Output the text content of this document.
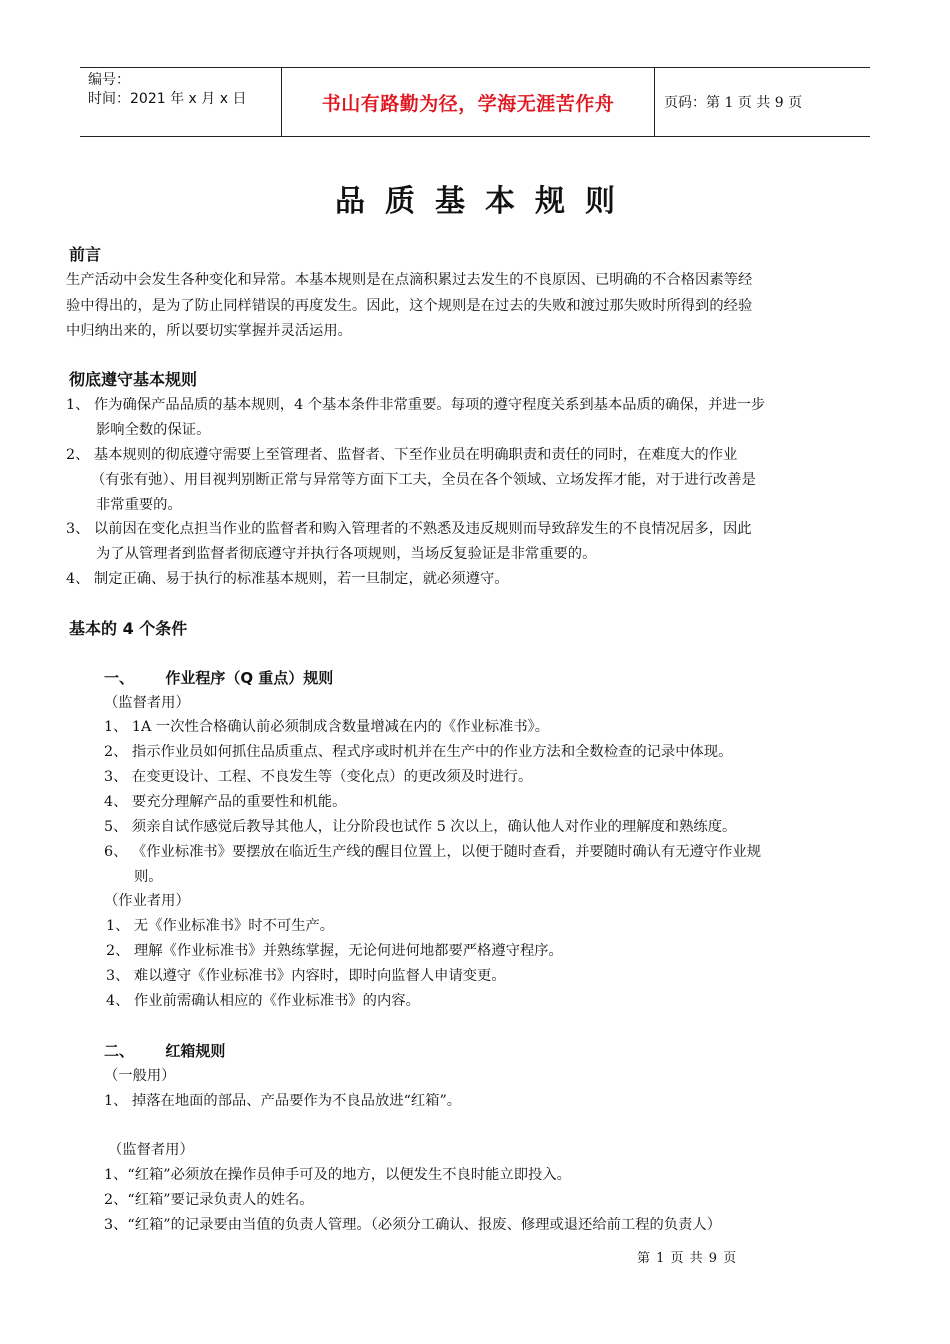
编号：
时间：2021 年 x 月 x 日	书山有路勤为径，学海无涯苦作舟	页码：第 1 页 共 9 页
品质基本规则
前言
生产活动中会发生各种变化和异常。本基本规则是在点滴积累过去发生的不良原因、已明确的不合格因素等经
验中得出的，是为了防止同样错误的再度发生。因此，这个规则是在过去的失败和渡过那失败时所得到的经验
中归纳出来的，所以要切实掌握并灵活运用。
彻底遵守基本规则
1、 作为确保产品品质的基本规则，4 个基本条件非常重要。每项的遵守程度关系到基本品质的确保，并进一步
影响全数的保证。
2、 基本规则的彻底遵守需要上至管理者、监督者、下至作业员在明确职责和责任的同时，在难度大的作业
（有张有弛）、用目视判别断正常与异常等方面下工夫，全员在各个领域、立场发挥才能，对于进行改善是
非常重要的。
3、 以前因在变化点担当作业的监督者和购入管理者的不熟悉及违反规则而导致辞发生的不良情况居多，因此
为了从管理者到监督者彻底遵守并执行各项规则，当场反复验证是非常重要的。
4、 制定正确、易于执行的标准基本规则，若一旦制定，就必须遵守。
基本的 4 个条件
一、      作业程序（Q 重点）规则
（监督者用）
1、 1A 一次性合格确认前必须制成含数量增减在内的《作业标准书》。
2、 指示作业员如何抓住品质重点、程式序或时机并在生产中的作业方法和全数检查的记录中体现。
3、 在变更设计、工程、不良发生等（变化点）的更改须及时进行。
4、 要充分理解产品的重要性和机能。
5、 须亲自试作感觉后教导其他人，让分阶段也试作 5 次以上，确认他人对作业的理解度和熟练度。
6、 《作业标准书》要摆放在临近生产线的醒目位置上，以便于随时查看，并要随时确认有无遵守作业规
则。
（作业者用）
1、 无《作业标准书》时不可生产。
2、 理解《作业标准书》并熟练掌握，无论何进何地都要严格遵守程序。
3、 难以遵守《作业标准书》内容时，即时向监督人申请变更。
4、 作业前需确认相应的《作业标准书》的内容。
二、      红箱规则
（一般用）
1、 掉落在地面的部品、产品要作为不良品放进“红箱”。
（监督者用）
1、“红箱”必须放在操作员伸手可及的地方，以便发生不良时能立即投入。
2、“红箱”要记录负责人的姓名。
3、“红箱”的记录要由当值的负责人管理。（必须分工确认、报废、修理或退还给前工程的负责人）
第 1 页 共 9 页
